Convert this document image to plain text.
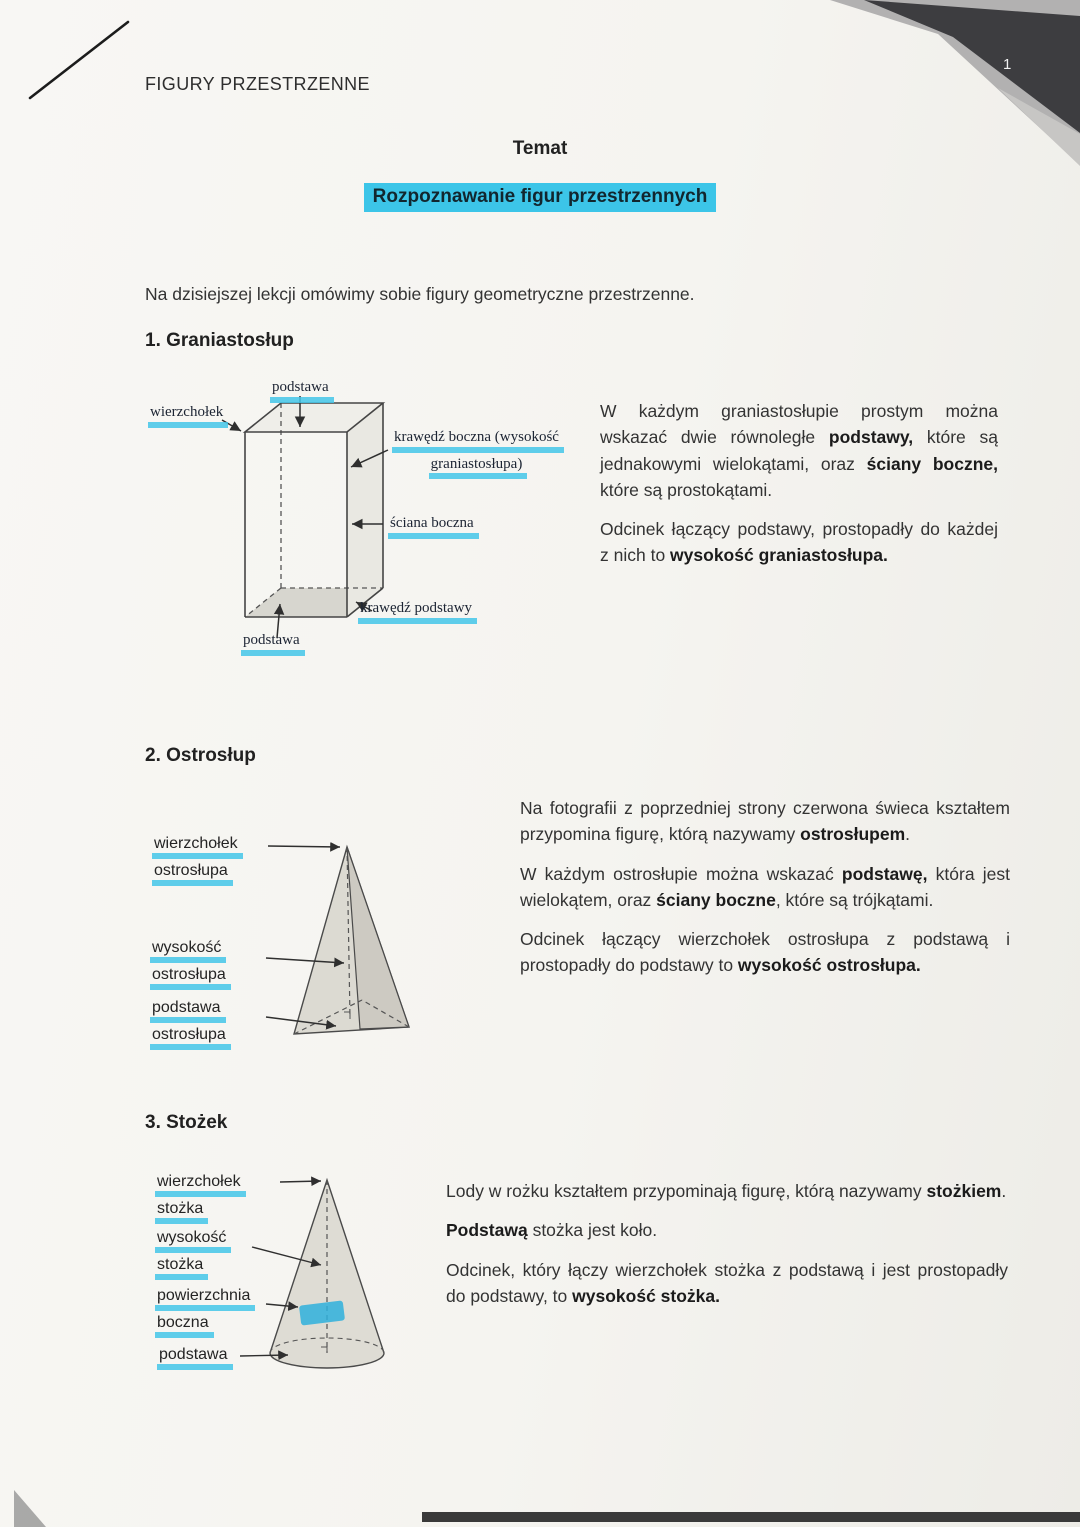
FIGURY PRZESTRZENNE
1
Temat
Rozpoznawanie figur przestrzennych
Na dzisiejszej lekcji omówimy sobie figury geometryczne przestrzenne.
1. Graniastosłup
podstawa
wierzchołek
krawędź boczna (wysokość
graniastosłupa)
ściana boczna
krawędź podstawy
podstawa

W każdym graniastosłupie prostym można wskazać dwie równoległe podstawy, które są jednakowymi wielokątami, oraz ściany boczne, które są prostokątami.

Odcinek łączący podstawy, prostopadły do każdej z nich to wysokość graniastosłupa.

2. Ostrosłup
wierzchołek
ostrosłupa
wysokość
ostrosłupa
podstawa
ostrosłupa

Na fotografii z poprzedniej strony czerwona świeca kształtem przypomina figurę, którą nazywamy ostrosłupem.

W każdym ostrosłupie można wskazać podstawę, która jest wielokątem, oraz ściany boczne, które są trójkątami.

Odcinek łączący wierzchołek ostrosłupa z podstawą i prostopadły do podstawy to wysokość ostrosłupa.

3. Stożek
wierzchołek
stożka
wysokość
stożka
powierzchnia
boczna
podstawa

Lody w rożku kształtem przypominają figurę, którą nazywamy stożkiem.

Podstawą stożka jest koło.

Odcinek, który łączy wierzchołek stożka z podstawą i jest prostopadły do podstawy, to wysokość stożka.
